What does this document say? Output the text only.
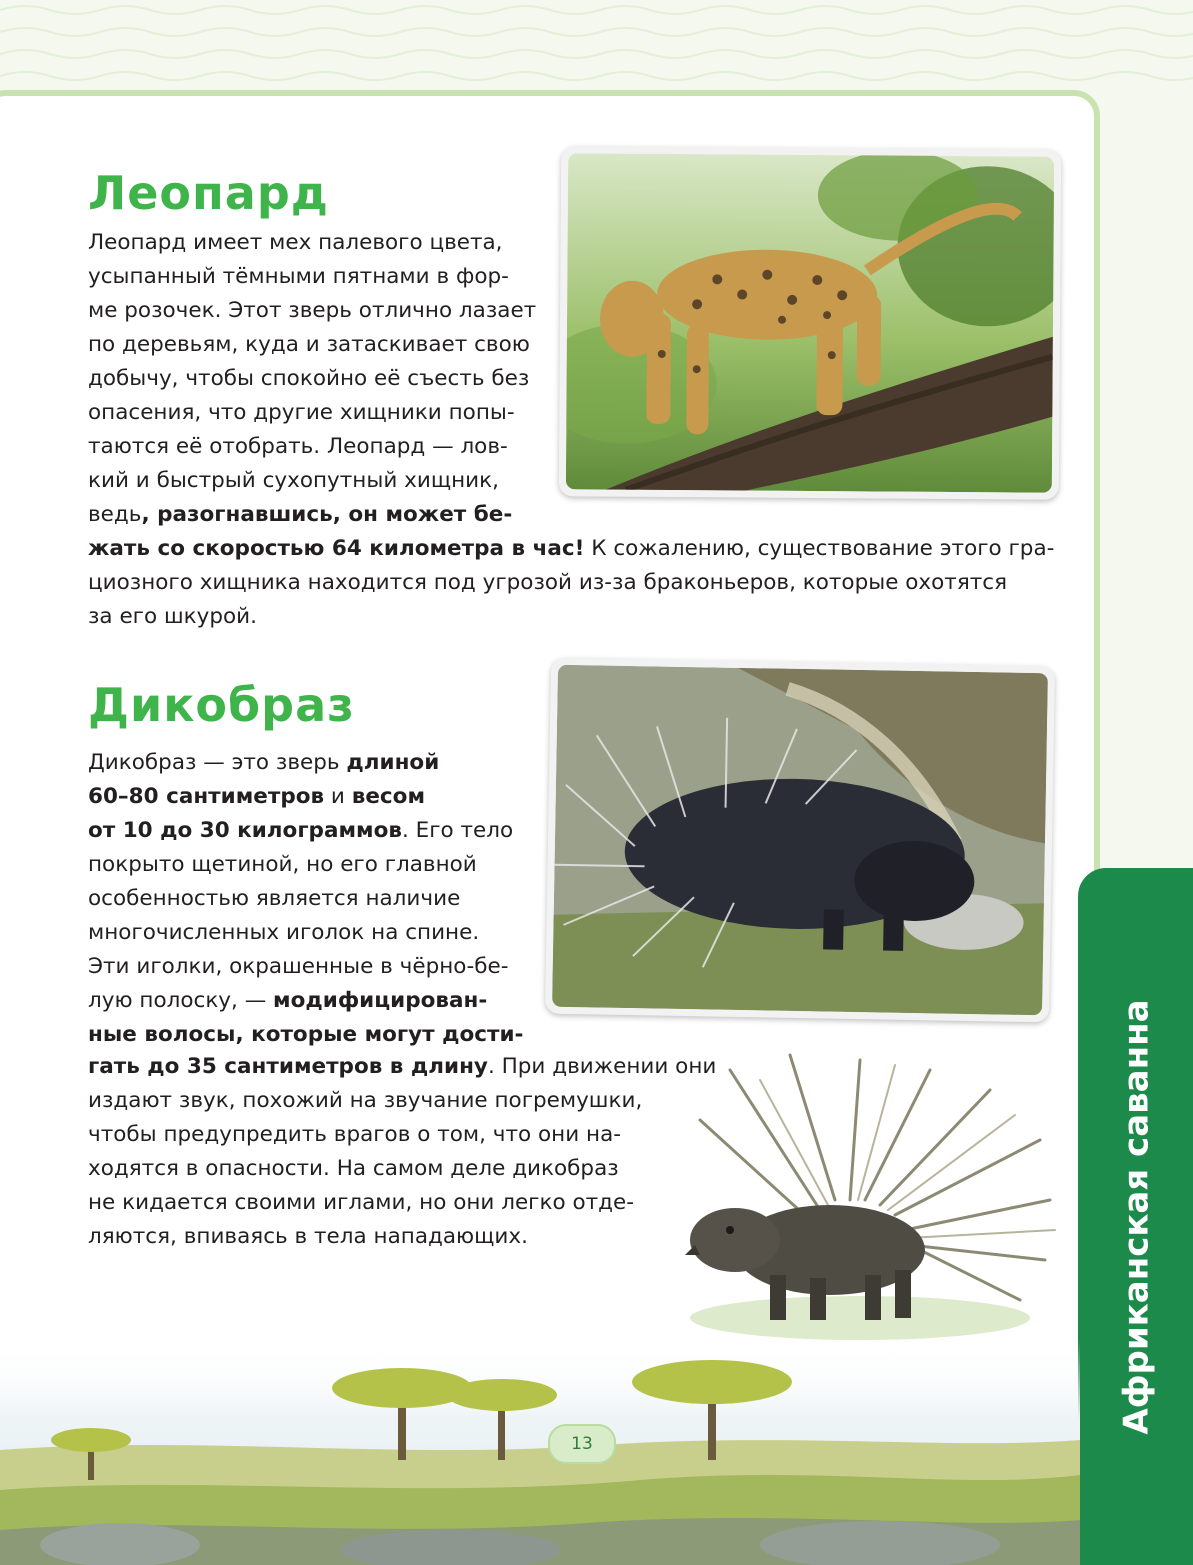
Леопард

Леопард имеет мех палевого цвета,
усыпанный тёмными пятнами в фор-
ме розочек. Этот зверь отлично лазает
по деревьям, куда и затаскивает свою
добычу, чтобы спокойно её съесть без
опасения, что другие хищники попы-
таются её отобрать. Леопард — лов-
кий и быстрый сухопутный хищник,

ведь, разогнавшись, он может бе-

жать со скоростью 64 километра в час! К сожалению, существование этого гра-
циозного хищника находится под угрозой из-за браконьеров, которые охотятся
за его шкурой.

Дикобраз

Дикобраз — это зверь длиной
60–80 сантиметров и весом
от 10 до 30 килограммов. Его тело
покрыто щетиной, но его главной
особенностью является наличие
многочисленных иголок на спине.
Эти иголки, окрашенные в чёрно-бе-
лую полоску, — модифицирован-
ные волосы, которые могут дости-

гать до 35 сантиметров в длину. При движении они
издают звук, похожий на звучание погремушки,
чтобы предупредить врагов о том, что они на-
ходятся в опасности. На самом деле дикобраз
не кидается своими иглами, но они легко отде-
ляются, впиваясь в тела нападающих.	Африканская саванна
13
